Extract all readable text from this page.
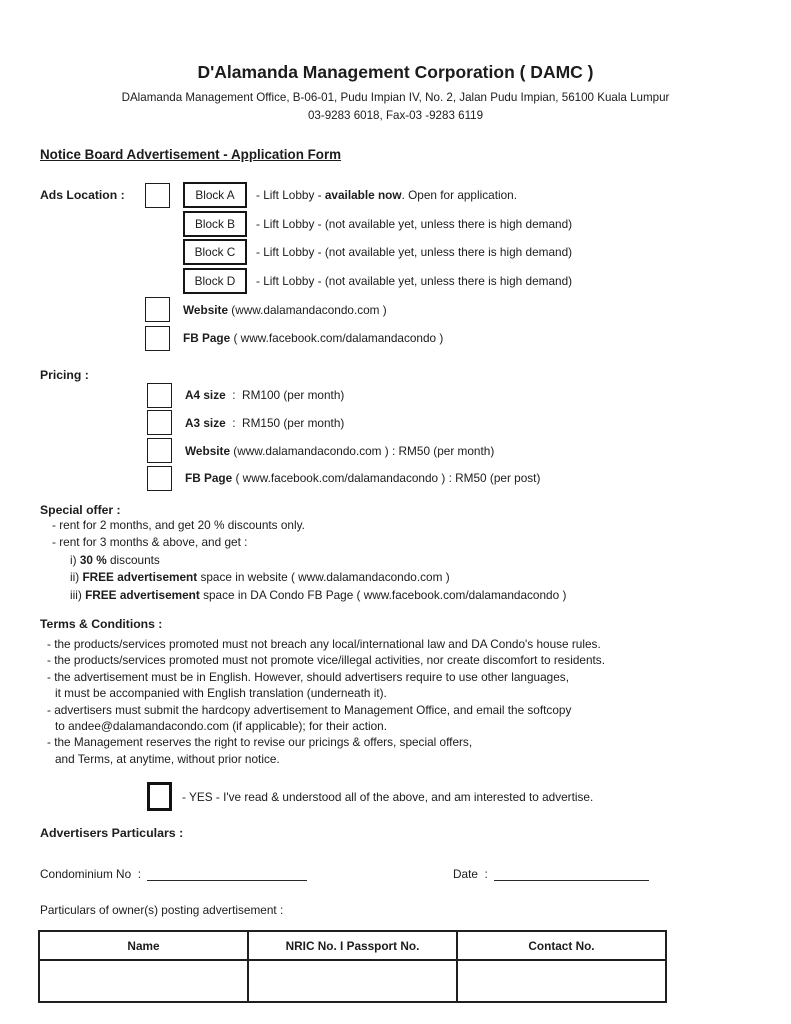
D'Alamanda Management Corporation ( DAMC )
DAlamanda Management Office, B-06-01, Pudu Impian IV, No. 2, Jalan Pudu Impian, 56100 Kuala Lumpur
03-9283 6018, Fax-03 -9283 6119
Notice Board Advertisement - Application Form
Ads Location :	Block A - Lift Lobby - available now. Open for application.
Block B - Lift Lobby - (not available yet, unless there is high demand)
Block C - Lift Lobby - (not available yet, unless there is high demand)
Block D - Lift Lobby - (not available yet, unless there is high demand)
Website (www.dalamandacondo.com )
FB Page ( www.facebook.com/dalamandacondo )
Pricing :
A4 size  :  RM100 (per month)
A3 size  :  RM150 (per month)
Website (www.dalamandacondo.com ) : RM50 (per month)
FB Page ( www.facebook.com/dalamandacondo ) : RM50 (per post)
Special offer :
- rent for 2 months, and get 20 % discounts only.
- rent for 3 months & above, and get :
i) 30 % discounts
ii) FREE advertisement space in website ( www.dalamandacondo.com )
iii) FREE advertisement space in DA Condo FB Page ( www.facebook.com/dalamandacondo )
Terms & Conditions :
- the products/services promoted must not breach any local/international law and DA Condo's house rules.
- the products/services promoted must not promote vice/illegal activities, nor create discomfort to residents.
- the advertisement must be in English. However, should advertisers require to use other languages,
it must be accompanied with English translation (underneath it).
- advertisers must submit the hardcopy advertisement to Management Office, and email the softcopy
to andee@dalamandacondo.com (if applicable); for their action.
- the Management reserves the right to revise our pricings & offers, special offers,
and Terms, at anytime, without prior notice.
- YES - I've read & understood all of the above, and am interested to advertise.
Advertisers Particulars :
Condominium No  :	Date  :
Particulars of owner(s) posting advertisement :
Name	NRIC No. I Passport No.	Contact No.
